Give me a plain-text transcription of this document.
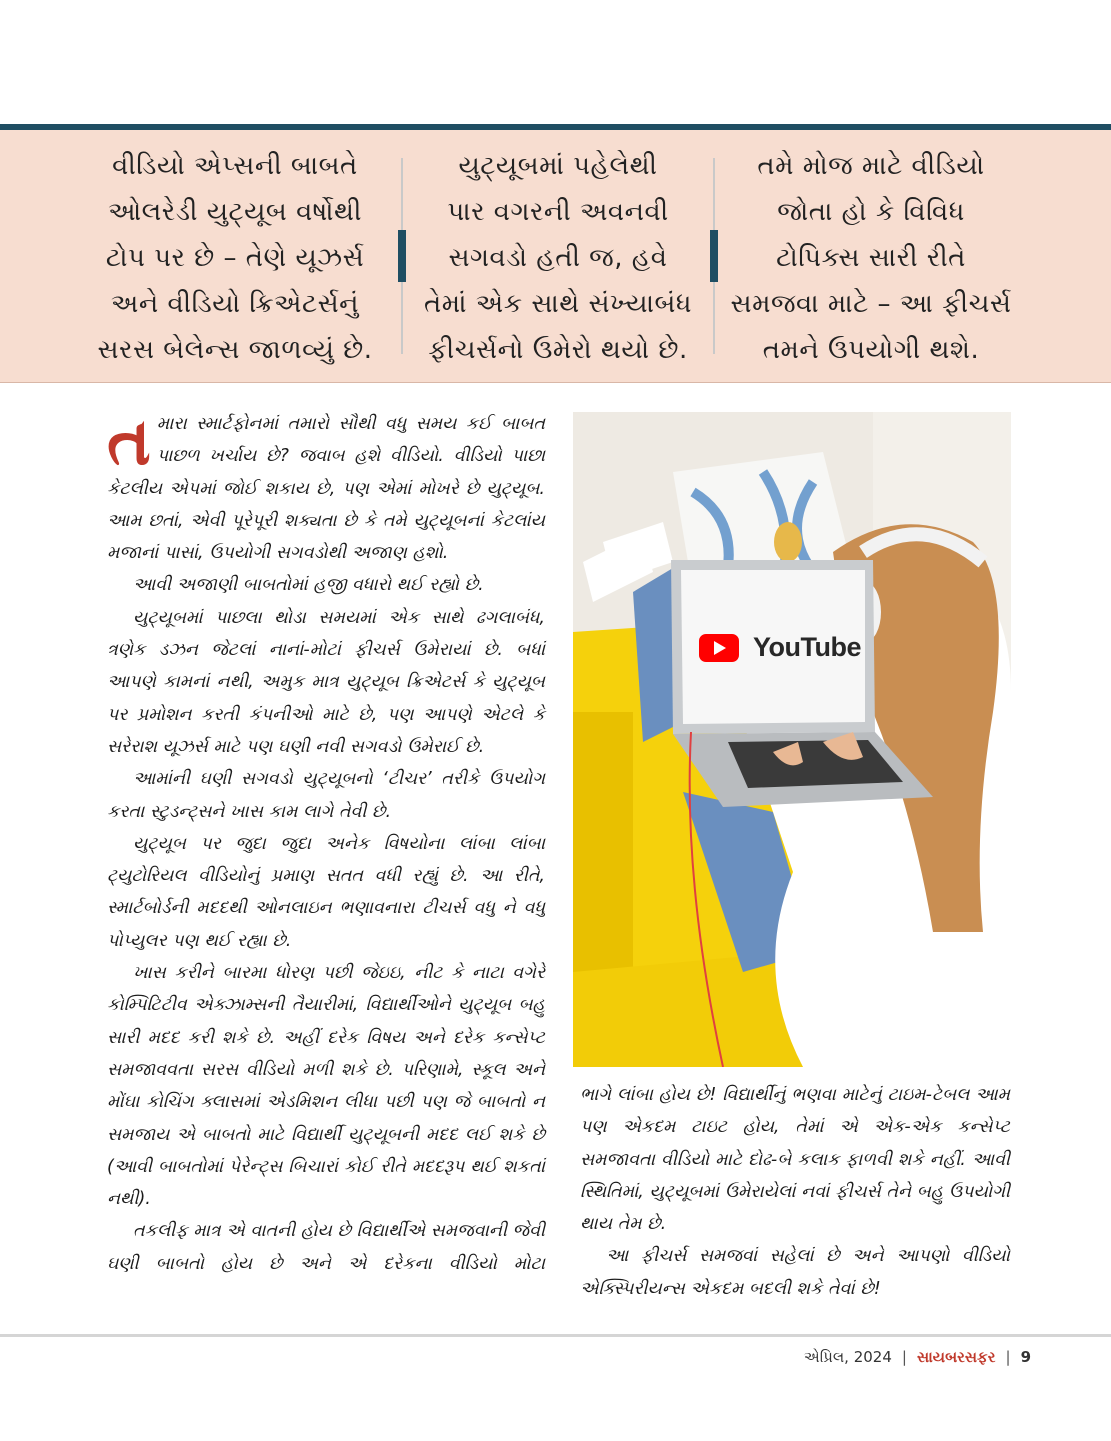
વીડિયો એપ્સની બાબતે
ઓલરેડી યુટ્યૂબ વર્ષોથી
ટોપ પર છે – તેણે યૂઝર્સ
અને વીડિયો ક્રિએટર્સનું
સરસ બેલેન્સ જાળવ્યું છે.
યુટ્યૂબમાં પહેલેથી
પાર વગરની અવનવી
સગવડો હતી જ, હવે
તેમાં એક સાથે સંખ્યાબંધ
ફીચર્સનો ઉમેરો થયો છે.
તમે મોજ માટે વીડિયો
જોતા હો કે વિવિધ
ટોપિક્સ સારી રીતે
સમજવા માટે – આ ફીચર્સ
તમને ઉપયોગી થશે.

તમારા સ્માર્ટફોનમાં તમારો સૌથી વધુ સમય કઈ બાબત પાછળ ખર્ચાય છે? જવાબ હશે વીડિયો. વીડિયો પાછા કેટલીય એપમાં જોઈ શકાય છે, પણ એમાં મોખરે છે યુટ્યૂબ. આમ છતાં, એવી પૂરેપૂરી શક્યતા છે કે તમે યુટ્યૂબનાં કેટલાંય મજાનાં પાસાં, ઉપયોગી સગવડોથી અજાણ હશો.

આવી અજાણી બાબતોમાં હજી વધારો થઈ રહ્યો છે.

યુટ્યૂબમાં પાછલા થોડા સમયમાં એક સાથે ઢગલાબંધ, ત્રણેક ડઝન જેટલાં નાનાં-મોટાં ફીચર્સ ઉમેરાયાં છે. બધાં આપણે કામનાં નથી, અમુક માત્ર યુટ્યૂબ ક્રિએટર્સ કે યુટ્યૂબ પર પ્રમોશન કરતી કંપનીઓ માટે છે, પણ આપણે એટલે કે સરેરાશ યૂઝર્સ માટે પણ ઘણી નવી સગવડો ઉમેરાઈ છે.

આમાંની ઘણી સગવડો યુટ્યૂબનો ‘ટીચર’ તરીકે ઉપયોગ કરતા સ્ટુડન્ટ્સને ખાસ કામ લાગે તેવી છે.

યુટ્યૂબ પર જુદા જુદા અનેક વિષયોના લાંબા લાંબા ટ્યુટોરિયલ વીડિયોનું પ્રમાણ સતત વધી રહ્યું છે. આ રીતે, સ્માર્ટબોર્ડની મદદથી ઓનલાઇન ભણાવનારા ટીચર્સ વધુ ને વધુ પોપ્યુલર પણ થઈ રહ્યા છે.

ખાસ કરીને બારમા ધોરણ પછી જેઇઇ, નીટ કે નાટા વગેરે કોમ્પિટિટીવ એક્ઝામ્સની તૈયારીમાં, વિદ્યાર્થીઓને યુટ્યૂબ બહુ સારી મદદ કરી શકે છે. અહીં દરેક વિષય અને દરેક કન્સેપ્ટ સમજાવવતા સરસ વીડિયો મળી શકે છે. પરિણામે, સ્કૂલ અને મોંઘા કોચિંગ ક્લાસમાં એડમિશન લીધા પછી પણ જે બાબતો ન સમજાય એ બાબતો માટે વિદ્યાર્થી યુટ્યૂબની મદદ લઈ શકે છે (આવી બાબતોમાં પેરેન્ટ્સ બિચારાં કોઈ રીતે મદદરૂપ થઈ શકતાં નથી).

તકલીફ માત્ર એ વાતની હોય છે વિદ્યાર્થીએ સમજવાની જેવી ઘણી બાબતો હોય છે અને એ દરેકના વીડિયો મોટા

YouTube

ભાગે લાંબા હોય છે! વિદ્યાર્થીનું ભણવા માટેનું ટાઇમ-ટેબલ આમ પણ એકદમ ટાઇટ હોય, તેમાં એ એક-એક કન્સેપ્ટ સમજાવતા વીડિયો માટે દોઢ-બે કલાક ફાળવી શકે નહીં. આવી સ્થિતિમાં, યુટ્યૂબમાં ઉમેરાયેલાં નવાં ફીચર્સ તેને બહુ ઉપયોગી થાય તેમ છે.

આ ફીચર્સ સમજવાં સહેલાં છે અને આપણો વીડિયો એક્સ્પિરીયન્સ એકદમ બદલી શકે તેવાં છે!

એપ્રિલ, 2024 | સાયબરસફર | 9
